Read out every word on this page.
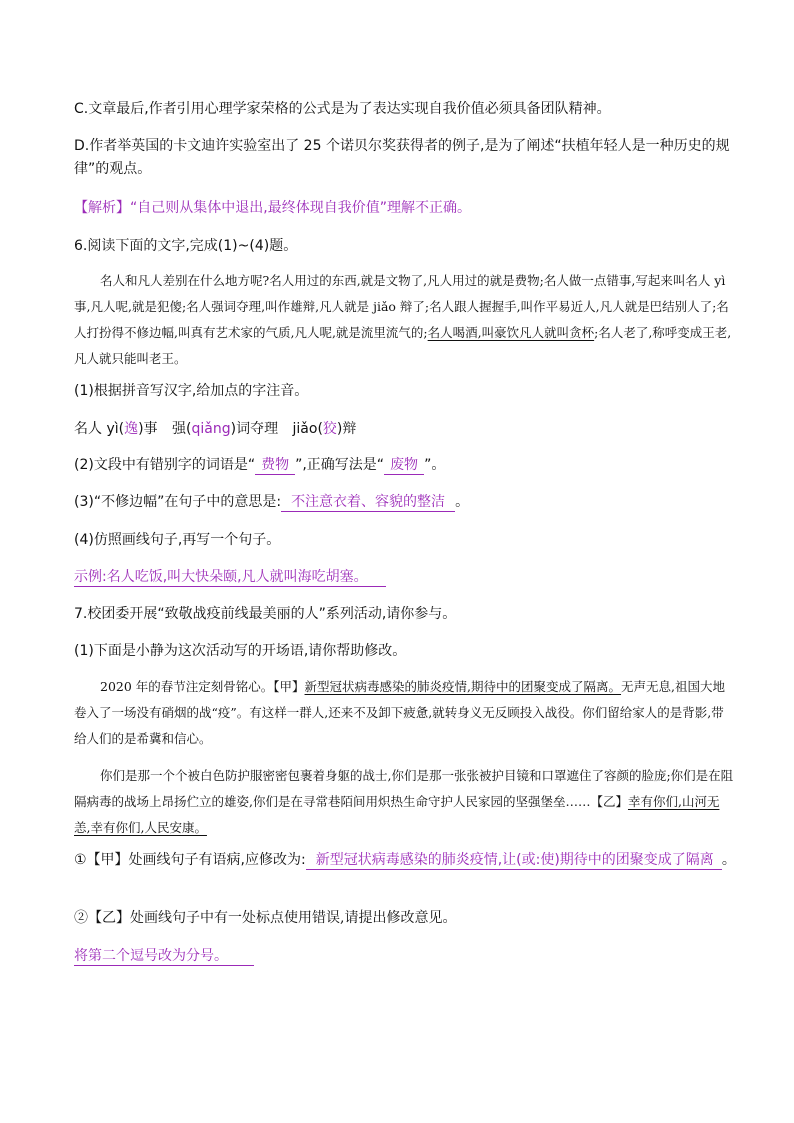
C.文章最后,作者引用心理学家荣格的公式是为了表达实现自我价值必须具备团队精神。
D.作者举英国的卡文迪许实验室出了 25 个诺贝尔奖获得者的例子,是为了阐述“扶植年轻人是一种历史的规
律”的观点。
【解析】“自己则从集体中退出,最终体现自我价值”理解不正确。
6.阅读下面的文字,完成(1)~(4)题。
名人和凡人差别在什么地方呢?名人用过的东西,就是文物了,凡人用过的就是费物;名人做一点错事,写起来叫名人 yì 事,凡人呢,就是犯傻;名人强词夺理,叫作雄辩,凡人就是 jiǎo 辩了;名人跟人握握手,叫作平易近人,凡人就是巴结别人了;名人打扮得不修边幅,叫真有艺术家的气质,凡人呢,就是流里流气的;名人喝酒,叫豪饮凡人就叫贪杯;名人老了,称呼变成王老,凡人就只能叫老王。
(1)根据拼音写汉字,给加点的字注音。
名人 yì(逸)事 强(qiǎng)词夺理 jiǎo(狡)辩
(2)文段中有错别字的词语是“ 费物 ”,正确写法是“ 废物 ”。
(3)“不修边幅”在句子中的意思是: 不注意衣着、容貌的整洁 。
(4)仿照画线句子,再写一个句子。
示例:名人吃饭,叫大快朵颐,凡人就叫海吃胡塞。
7.校团委开展“致敬战疫前线最美丽的人”系列活动,请你参与。
(1)下面是小静为这次活动写的开场语,请你帮助修改。
2020 年的春节注定刻骨铭心。【甲】新型冠状病毒感染的肺炎疫情,期待中的团聚变成了隔离。无声无息,祖国大地卷入了一场没有硝烟的战“疫”。有这样一群人,还来不及卸下疲惫,就转身义无反顾投入战役。你们留给家人的是背影,带给人们的是希冀和信心。
你们是那一个个被白色防护服密密包裹着身躯的战士,你们是那一张张被护目镜和口罩遮住了容颜的脸庞;你们是在阻隔病毒的战场上昂扬伫立的雄姿,你们是在寻常巷陌间用炽热生命守护人民家园的坚强堡垒……【乙】幸有你们,山河无恙,幸有你们,人民安康。
①【甲】处画线句子有语病,应修改为: 新型冠状病毒感染的肺炎疫情,让(或:使)期待中的团聚变成了隔离 。
②【乙】处画线句子中有一处标点使用错误,请提出修改意见。
将第二个逗号改为分号。
